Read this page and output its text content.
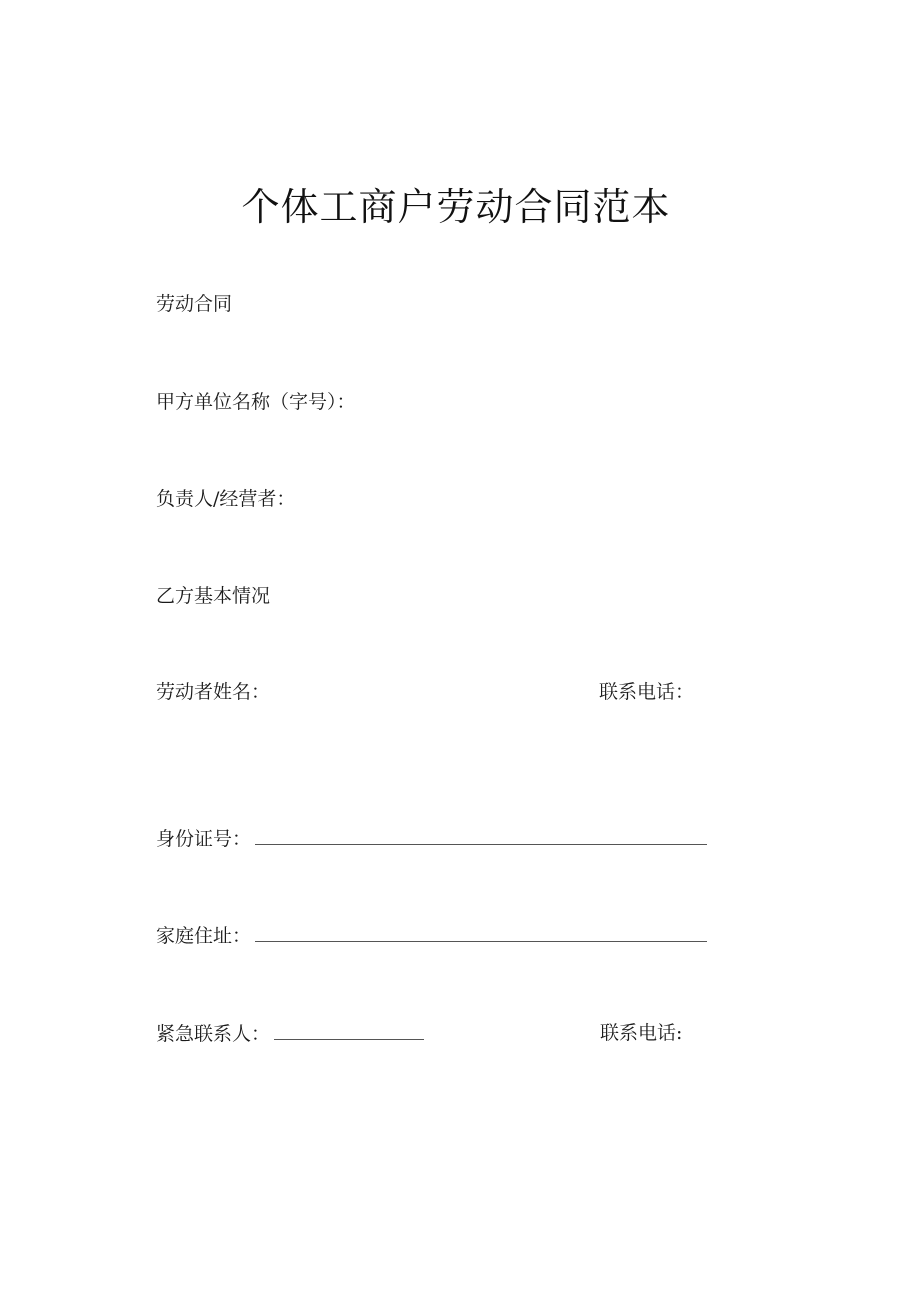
个体工商户劳动合同范本
劳动合同
甲方单位名称（字号）：
负责人/经营者：
乙方基本情况
劳动者姓名：	联系电话：
身份证号：
家庭住址：
紧急联系人：	联系电话:
